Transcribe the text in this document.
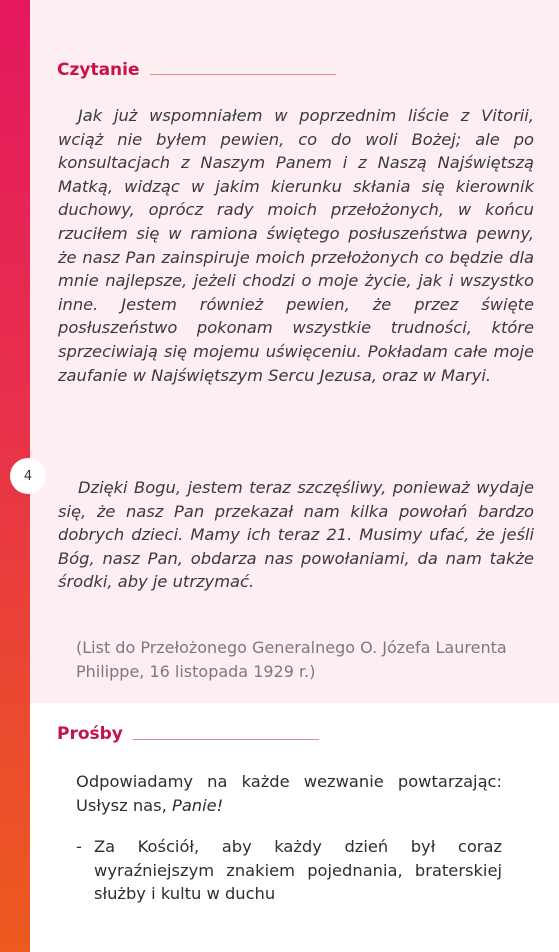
4
Czytanie

Jak już wspomniałem w poprzednim liście z Vitorii, wciąż nie byłem pewien, co do woli Bożej; ale po konsultacjach z Naszym Panem i z Naszą Najświętszą Matką, widząc w jakim kierunku skłania się kierownik duchowy, oprócz rady moich przełożonych, w końcu rzuciłem się w ramiona świętego posłuszeństwa pewny, że nasz Pan zainspiruje moich przełożonych co będzie dla mnie najlepsze, jeżeli chodzi o moje życie, jak i wszystko inne. Jestem również pewien, że przez święte posłuszeństwo pokonam wszystkie trudności, które sprzeciwiają się mojemu uświęceniu. Pokładam całe moje zaufanie w Najświętszym Sercu Jezusa, oraz w Maryi.

Dzięki Bogu, jestem teraz szczęśliwy, ponieważ wydaje się, że nasz Pan przekazał nam kilka powołań bardzo dobrych dzieci. Mamy ich teraz 21. Musimy ufać, że jeśli Bóg, nasz Pan, obdarza nas powołaniami, da nam także środki, aby je utrzymać.

(List do Przełożonego Generalnego O. Józefa Laurenta Philippe, 16 listopada 1929 r.)

Prośby

Odpowiadamy na każde wezwanie powtarzając: Usłysz nas, Panie!

- Za Kościół, aby każdy dzień był coraz wyraźniejszym znakiem pojednania, braterskiej służby i kultu w duchu
